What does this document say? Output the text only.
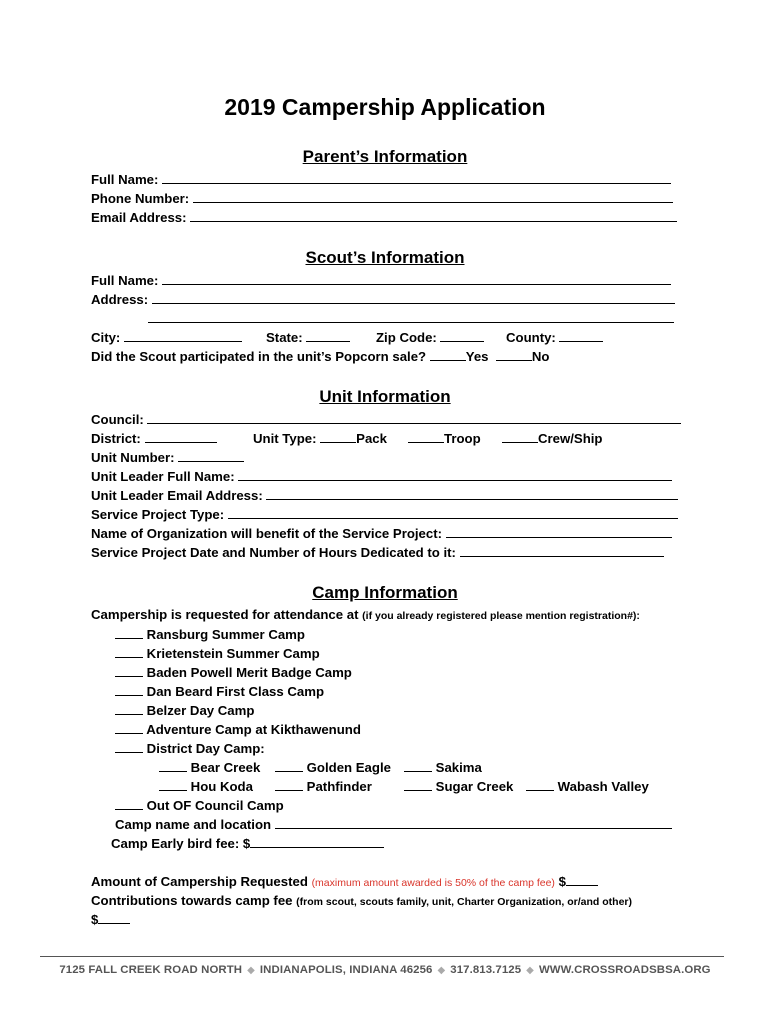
2019 Campership Application
Parent’s Information
Full Name:
Phone Number:
Email Address:
Scout’s Information
Full Name:
Address:
City:	State:	Zip Code:	County:
Did the Scout participated in the unit’s Popcorn sale?	Yes	No
Unit Information
Council:
District:	Unit Type:	Pack	Troop	Crew/Ship
Unit Number:
Unit Leader Full Name:
Unit Leader Email Address:
Service Project Type:
Name of Organization will benefit of the Service Project:
Service Project Date and Number of Hours Dedicated to it:
Camp Information
Campership is requested for attendance at (if you already registered please mention registration#):
Ransburg Summer Camp
Krietenstein Summer Camp
Baden Powell Merit Badge Camp
Dan Beard First Class Camp
Belzer Day Camp
Adventure Camp at Kikthawenund
District Day Camp:
Bear Creek	Golden Eagle	Sakima
Hou Koda	Pathfinder	Sugar Creek	Wabash Valley
Out OF Council Camp
Camp name and location
Camp Early bird fee: $
Amount of Campership Requested (maximum amount awarded is 50% of the camp fee) $
Contributions towards camp fee (from scout, scouts family, unit, Charter Organization, or/and other)
$
7125 FALL CREEK ROAD NORTH ◆ INDIANAPOLIS, INDIANA 46256 ◆ 317.813.7125 ◆ WWW.CROSSROADSBSA.ORG
